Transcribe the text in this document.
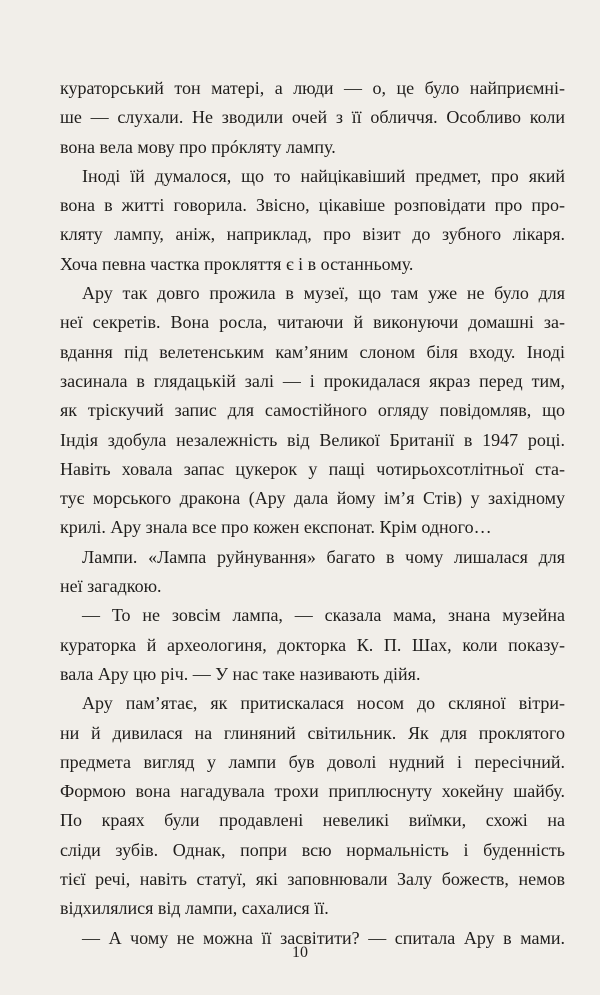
кураторський тон матері, а люди — о, це було найприємні-
ше — слухали. Не зводили очей з її обличчя. Особливо коли
вона вела мову про прóкляту лампу.
Іноді їй думалося, що то найцікавіший предмет, про який
вона в житті говорила. Звісно, цікавіше розповідати про про-
кляту лампу, аніж, наприклад, про візит до зубного лікаря.
Хоча певна частка прокляття є і в останньому.
Ару так довго прожила в музеї, що там уже не було для
неї секретів. Вона росла, читаючи й виконуючи домашні за-
вдання під велетенським кам’яним слоном біля входу. Іноді
засинала в глядацькій залі — і прокидалася якраз перед тим,
як тріскучий запис для самостійного огляду повідомляв, що
Індія здобула незалежність від Великої Британії в 1947 році.
Навіть ховала запас цукерок у пащі чотирьохсотлітньої ста-
тує морського дракона (Ару дала йому ім’я Стів) у західному
крилі. Ару знала все про кожен експонат. Крім одного…
Лампи. «Лампа руйнування» багато в чому лишалася для
неї загадкою.
— То не зовсім лампа, — сказала мама, знана музейна
кураторка й археологиня, докторка К. П. Шах, коли показу-
вала Ару цю річ. — У нас таке називають дійя.
Ару пам’ятає, як притискалася носом до скляної вітри-
ни й дивилася на глиняний світильник. Як для проклятого
предмета вигляд у лампи був доволі нудний і пересічний.
Формою вона нагадувала трохи приплюснуту хокейну шайбу.
По краях були продавлені невеликі виїмки, схожі на
сліди зубів. Однак, попри всю нормальність і буденність
тієї речі, навіть статуї, які заповнювали Залу божеств, немов
відхилялися від лампи, сахалися її.
— А чому не можна її засвітити? — спитала Ару в мами.
10
